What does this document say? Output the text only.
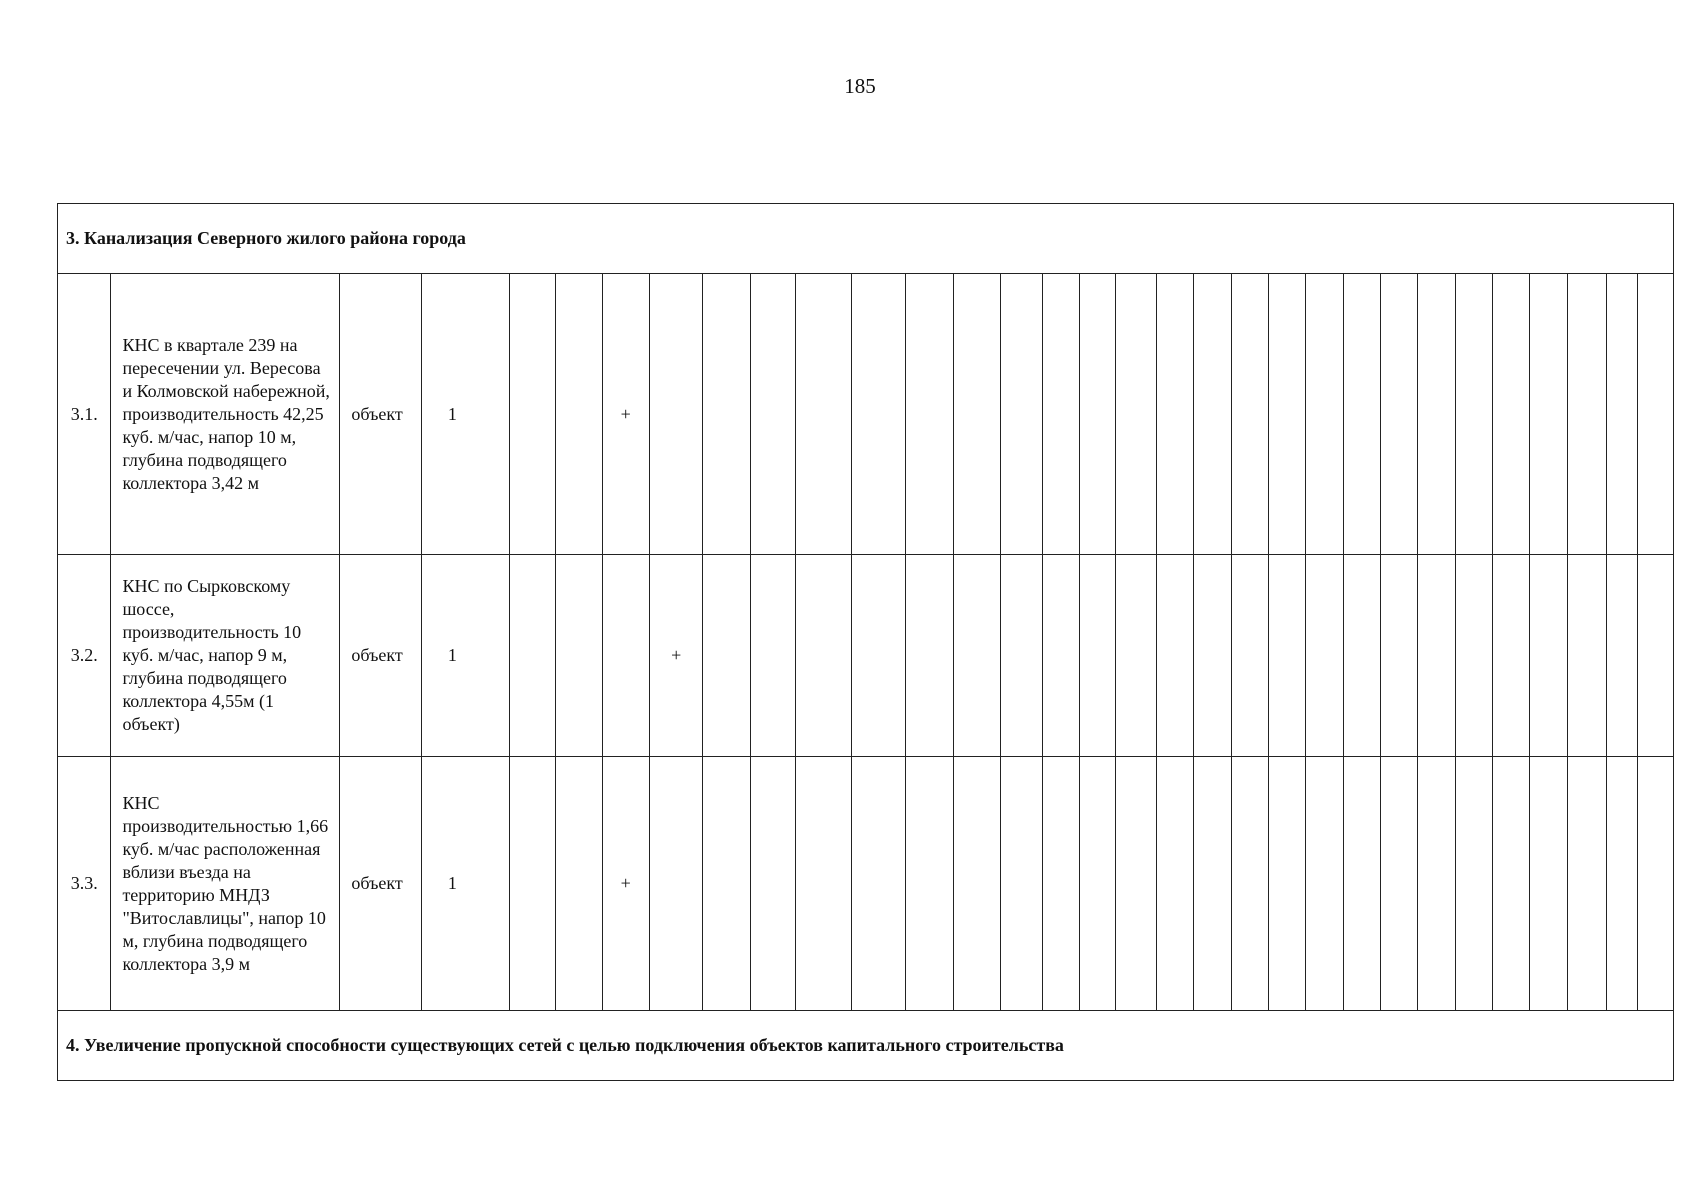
185
3. Канализация Северного жилого района города																															
3.1.	КНС в квартале 239 на пересечении ул. Вересова и Колмовской набережной, производительность 42,25 куб. м/час, напор 10 м, глубина подводящего коллектора 3,42 м	объект	1			+																									
3.2.	КНС по Сырковскому шоссе, производительность 10 куб. м/час, напор 9 м, глубина подводящего коллектора 4,55м (1 объект)	объект	1				+																								
3.3.	КНС производительностью 1,66 куб. м/час расположенная вблизи въезда на территорию МНДЗ "Витославлицы", напор 10 м, глубина подводящего коллектора 3,9 м	объект	1			+																									
4. Увеличение пропускной способности существующих сетей с целью подключения объектов капитального строительства																															
